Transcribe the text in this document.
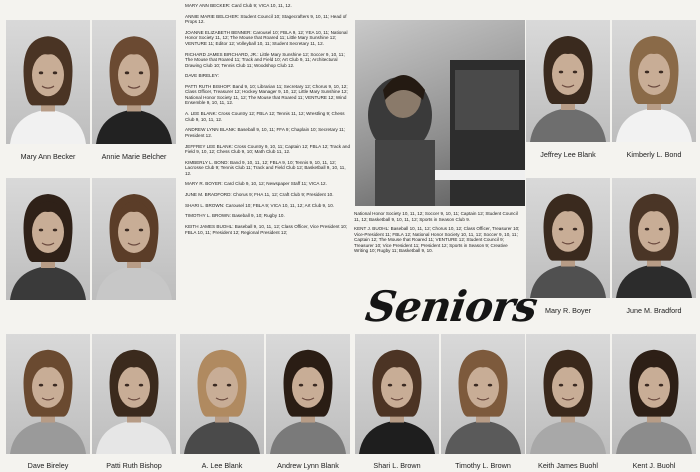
Mary Ann Becker	Annie Marie Belcher	Jeffrey Lee Blank	Kimberly L. Bond
Mary R. Boyer	June M. Bradford
Dave Bireley	Patti Ruth Bishop	A. Lee Blank	Andrew Lynn Blank	Shari L. Brown	Timothy L. Brown	Keith James Buohl	Kent J. Buohl

MARY ANN BECKER: Card Club 9; VICA 10, 11, 12.

ANNIE MARIE BELCHER: Student Council 10; Stagecrafters 9, 10, 11; Head of Props 12.

JOANNE ELIZABETH BENNER: Carousel 10; FBLA 9, 12; YEA 10, 11; National Honor Society 11, 12; The Mouse that Roared 11; Little Mary Sunshine 12; VENTURE 11; Editor 12; Volleyball 10, 11; Student Secretary 11, 12.

RICHARD JAMES BIRCHARD, JR.: Little Mary Sunshine 12; Soccer 9, 10, 11; The Mouse that Roared 11; Track and Field 10; Art Club 9, 11; Architectural Drawing Club 10; Tennis Club 11; Woodshop Club 12.

DAVE BIRELEY:

PATTI RUTH BISHOP: Band 9, 10; Librarian 11; Secretary 12; Chorus 9, 10, 12; Class Officer, Treasurer 12; Hockey Manager 9, 10, 12; Little Mary Sunshine 12; National Honor Society 11, 12; The Mouse that Roared 11; VENTURE 12; Wind Ensemble 9, 10, 11, 12.

A. LEE BLANK: Cross Country 12; FBLA 12; Tennis 11, 12; Wrestling 9; Chess Club 9, 10, 11, 12.

ANDREW LYNN BLANK: Baseball 9, 10, 11; FFA 9; Chaplain 10; Secretary 11; President 12.

JEFFREY LEE BLANK: Cross Country 9, 10, 11; Captain 12; FBLA 12; Track and Field 9, 10, 12; Chess Club 9, 10; Math Club 11, 12.

KIMBERLY L. BOND: Band 9, 10, 11, 12; FBLA 9, 10; Tennis 9, 10, 11, 12; Lacrosse Club 9; Tennis Club 11; Track and Field Club 12; Basketball 9, 10, 11, 12.

MARY R. BOYER: Card Club 9, 10, 12; Newspaper Staff 11; VICA 12.

JUNE M. BRADFORD: Chorus 9; FHA 11, 12; Craft Club 9; President 10.

SHARI L. BROWN: Carousel 10; FBLA 9; VICA 10, 11, 12; Art Club 9, 10.

TIMOTHY L. BROWN: Baseball 9, 10; Rugby 10.

KEITH JAMES BUOHL: Baseball 9, 10, 11, 12; Class Officer, Vice President 10; FBLA 10, 11; President 12; Regional President 12;

National Honor Society 10, 11, 12; Soccer 9, 10, 11; Captain 12; Student Council 11, 12; Basketball 9, 10, 11, 12; Sports in Season Club 9.

KENT J. BUOHL: Baseball 10, 11, 12; Chorus 10, 12; Class Officer, Treasurer 10; Vice-President 11; FBLA 12; National Honor Society 10, 11, 12; Soccer 9, 10, 11; Captain 12; The Mouse that Roared 11; VENTURE 12; Student Council 9; Treasurer 10; Vice President 11; President 12; Sports in Season 9; Creative Writing 10; Rugby 11; Basketball 9, 10.

Seniors
